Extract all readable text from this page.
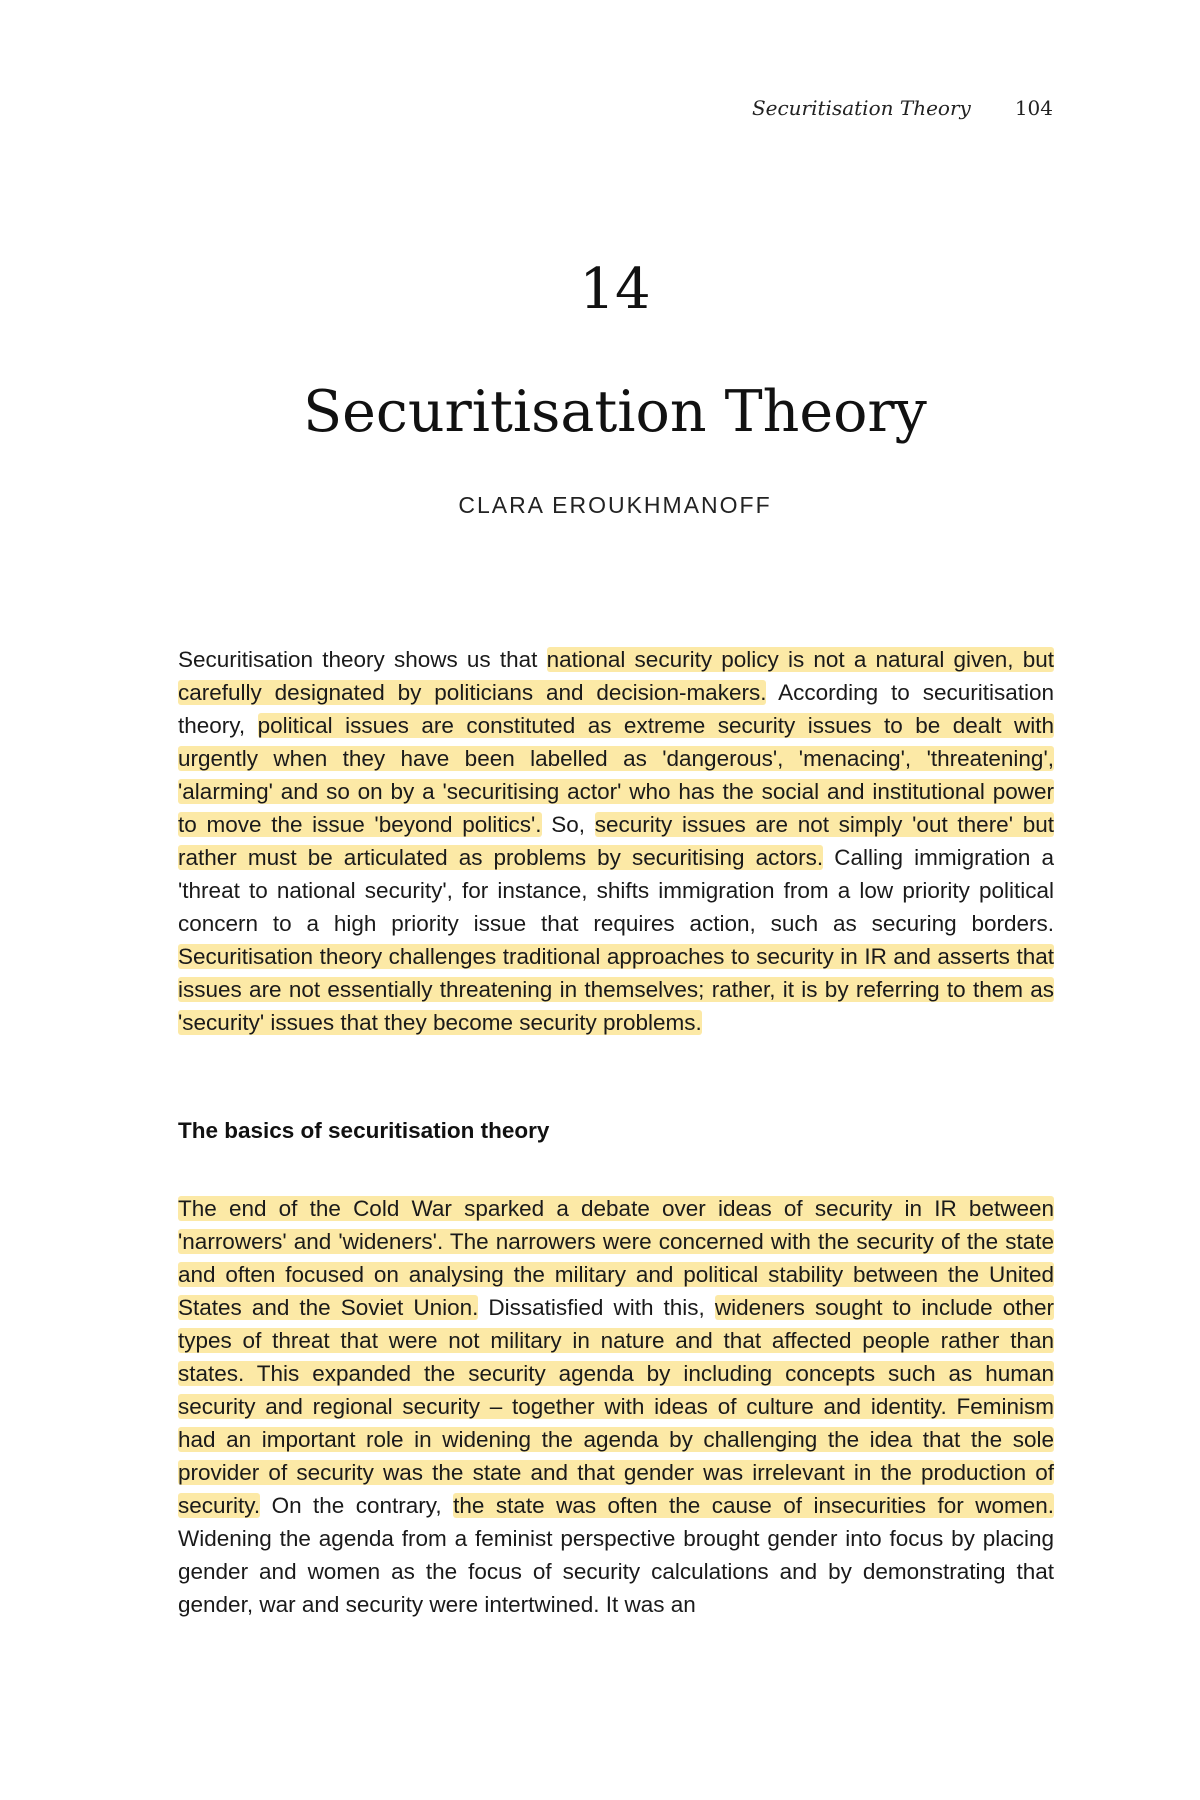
Securitisation Theory 104
14
Securitisation Theory
CLARA EROUKHMANOFF
Securitisation theory shows us that national security policy is not a natural given, but carefully designated by politicians and decision-makers. According to securitisation theory, political issues are constituted as extreme security issues to be dealt with urgently when they have been labelled as 'dangerous', 'menacing', 'threatening', 'alarming' and so on by a 'securitising actor' who has the social and institutional power to move the issue 'beyond politics'. So, security issues are not simply 'out there' but rather must be articulated as problems by securitising actors. Calling immigration a 'threat to national security', for instance, shifts immigration from a low priority political concern to a high priority issue that requires action, such as securing borders. Securitisation theory challenges traditional approaches to security in IR and asserts that issues are not essentially threatening in themselves; rather, it is by referring to them as 'security' issues that they become security problems.
The basics of securitisation theory
The end of the Cold War sparked a debate over ideas of security in IR between 'narrowers' and 'wideners'. The narrowers were concerned with the security of the state and often focused on analysing the military and political stability between the United States and the Soviet Union. Dissatisfied with this, wideners sought to include other types of threat that were not military in nature and that affected people rather than states. This expanded the security agenda by including concepts such as human security and regional security – together with ideas of culture and identity. Feminism had an important role in widening the agenda by challenging the idea that the sole provider of security was the state and that gender was irrelevant in the production of security. On the contrary, the state was often the cause of insecurities for women. Widening the agenda from a feminist perspective brought gender into focus by placing gender and women as the focus of security calculations and by demonstrating that gender, war and security were intertwined. It was an
